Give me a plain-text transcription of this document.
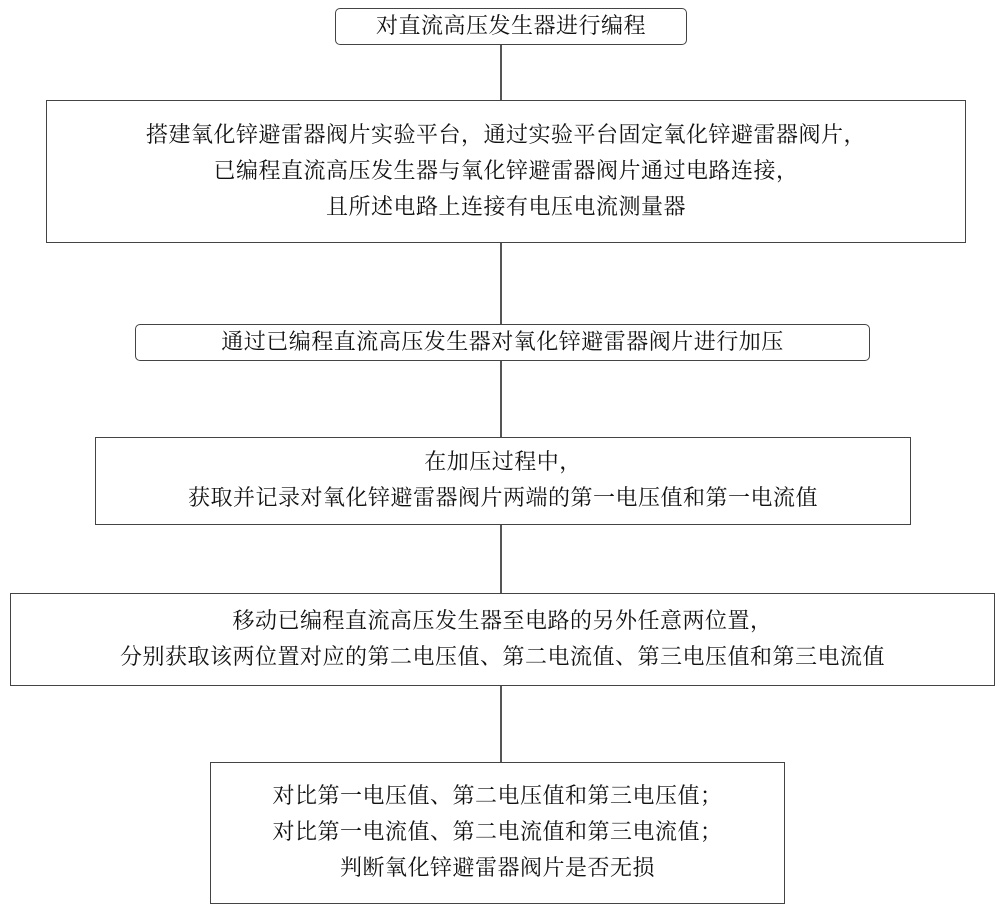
对直流高压发生器进行编程
搭建氧化锌避雷器阀片实验平台，通过实验平台固定氧化锌避雷器阀片，
已编程直流高压发生器与氧化锌避雷器阀片通过电路连接，
且所述电路上连接有电压电流测量器
通过已编程直流高压发生器对氧化锌避雷器阀片进行加压
在加压过程中，
获取并记录对氧化锌避雷器阀片两端的第一电压值和第一电流值
移动已编程直流高压发生器至电路的另外任意两位置，
分别获取该两位置对应的第二电压值、第二电流值、第三电压值和第三电流值
对比第一电压值、第二电压值和第三电压值；
对比第一电流值、第二电流值和第三电流值；
判断氧化锌避雷器阀片是否无损
